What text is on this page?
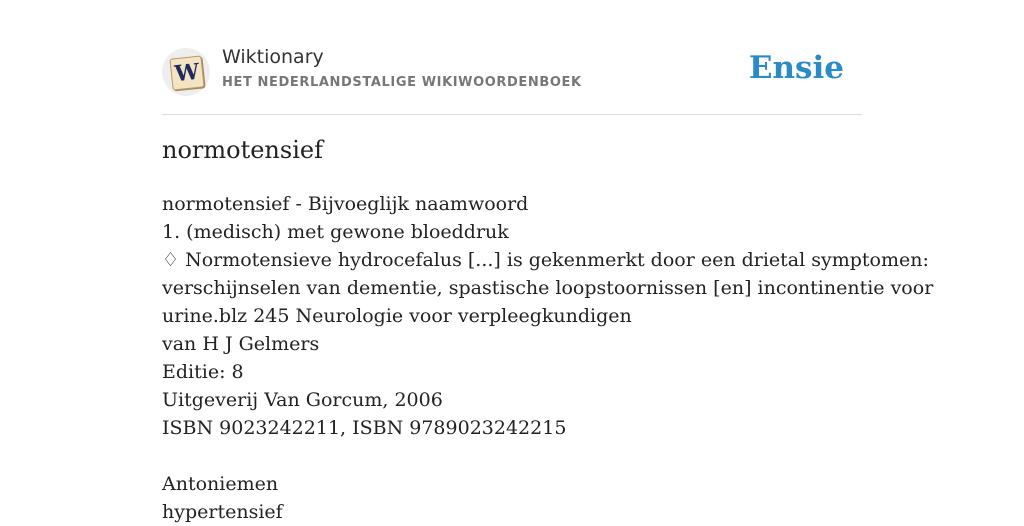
W
Wiktionary
HET NEDERLANDSTALIGE WIKIWOORDENBOEK	Ensie
normotensief
normotensief - Bijvoeglijk naamwoord
1. (medisch) met gewone bloeddruk
♢ Normotensieve hydrocefalus [...] is gekenmerkt door een drietal symptomen:
verschijnselen van dementie, spastische loopstoornissen [en] incontinentie voor
urine.blz 245 Neurologie voor verpleegkundigen
van H J Gelmers
Editie: 8
Uitgeverij Van Gorcum, 2006
ISBN 9023242211, ISBN 9789023242215
Antoniemen
hypertensief
